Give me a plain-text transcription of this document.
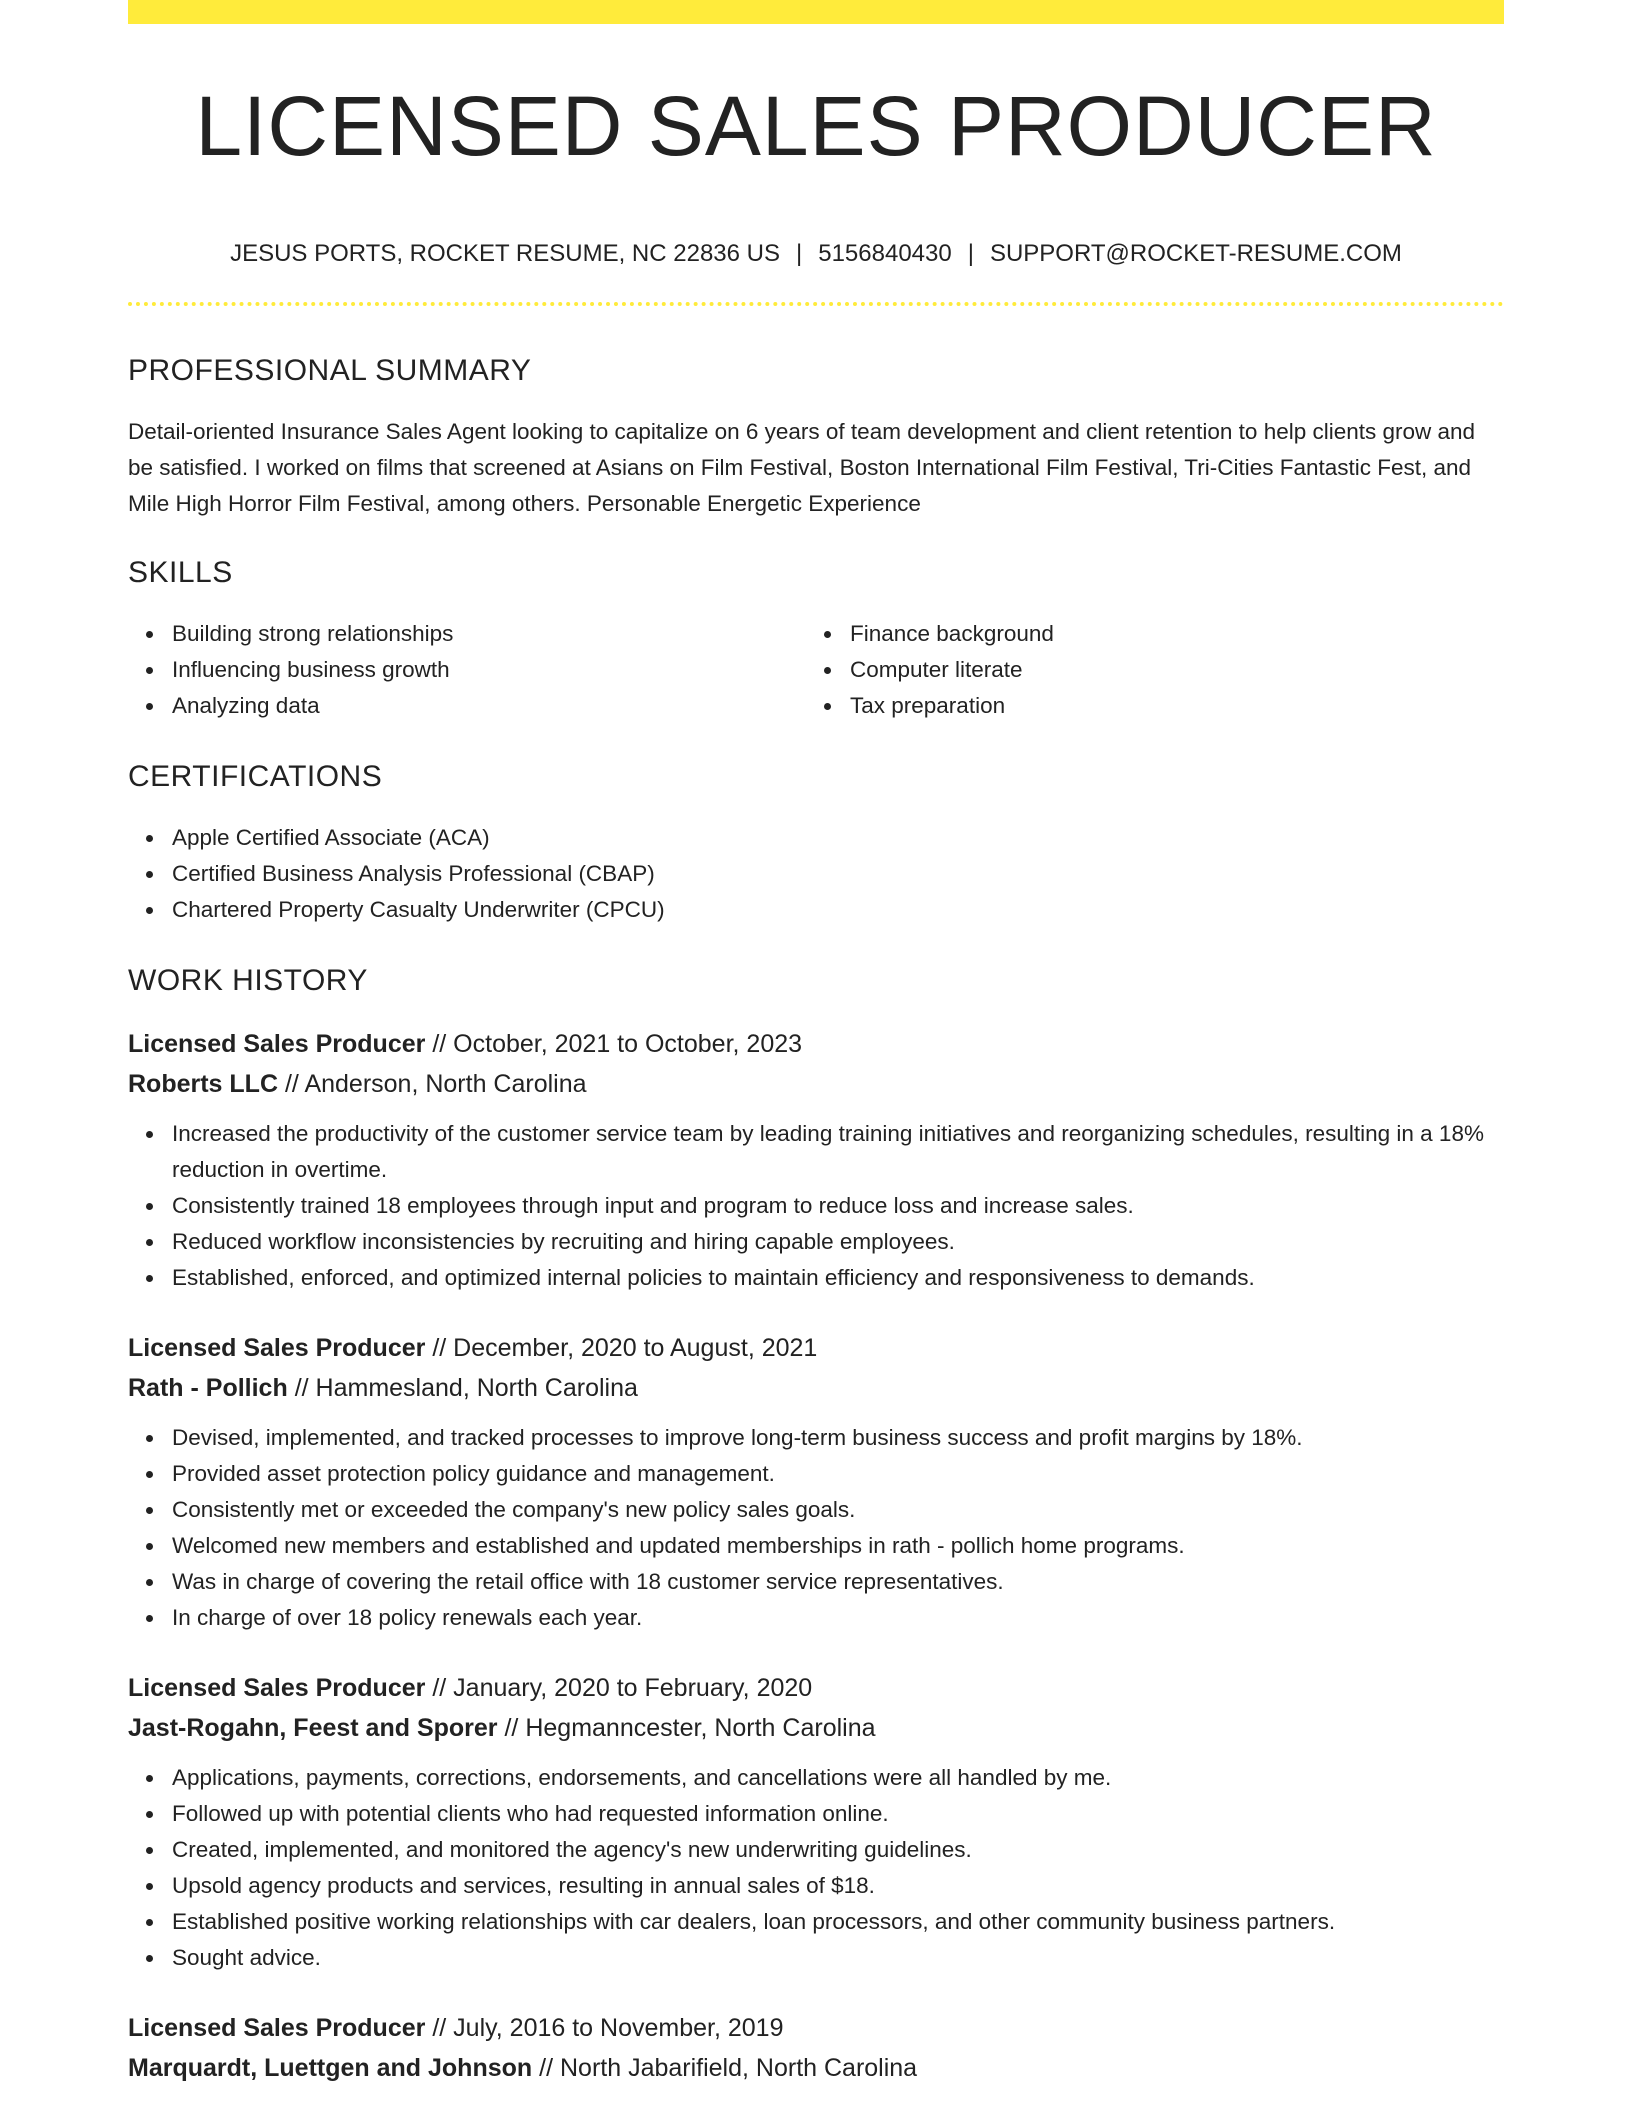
LICENSED SALES PRODUCER
JESUS PORTS, ROCKET RESUME, NC 22836 US | 5156840430 | SUPPORT@ROCKET-RESUME.COM
PROFESSIONAL SUMMARY

Detail-oriented Insurance Sales Agent looking to capitalize on 6 years of team development and client retention to help clients grow and be satisfied. I worked on films that screened at Asians on Film Festival, Boston International Film Festival, Tri-Cities Fantastic Fest, and Mile High Horror Film Festival, among others. Personable Energetic Experience

SKILLS
Building strong relationships
Influencing business growth
Analyzing data
Finance background
Computer literate
Tax preparation
CERTIFICATIONS
Apple Certified Associate (ACA)
Certified Business Analysis Professional (CBAP)
Chartered Property Casualty Underwriter (CPCU)
WORK HISTORY
Licensed Sales Producer // October, 2021 to October, 2023
Roberts LLC // Anderson, North Carolina
Increased the productivity of the customer service team by leading training initiatives and reorganizing schedules, resulting in a 18% reduction in overtime.
Consistently trained 18 employees through input and program to reduce loss and increase sales.
Reduced workflow inconsistencies by recruiting and hiring capable employees.
Established, enforced, and optimized internal policies to maintain efficiency and responsiveness to demands.
Licensed Sales Producer // December, 2020 to August, 2021
Rath - Pollich // Hammesland, North Carolina
Devised, implemented, and tracked processes to improve long-term business success and profit margins by 18%.
Provided asset protection policy guidance and management.
Consistently met or exceeded the company's new policy sales goals.
Welcomed new members and established and updated memberships in rath - pollich home programs.
Was in charge of covering the retail office with 18 customer service representatives.
In charge of over 18 policy renewals each year.
Licensed Sales Producer // January, 2020 to February, 2020
Jast-Rogahn, Feest and Sporer // Hegmanncester, North Carolina
Applications, payments, corrections, endorsements, and cancellations were all handled by me.
Followed up with potential clients who had requested information online.
Created, implemented, and monitored the agency's new underwriting guidelines.
Upsold agency products and services, resulting in annual sales of $18.
Established positive working relationships with car dealers, loan processors, and other community business partners.
Sought advice.
Licensed Sales Producer // July, 2016 to November, 2019
Marquardt, Luettgen and Johnson // North Jabarifield, North Carolina
